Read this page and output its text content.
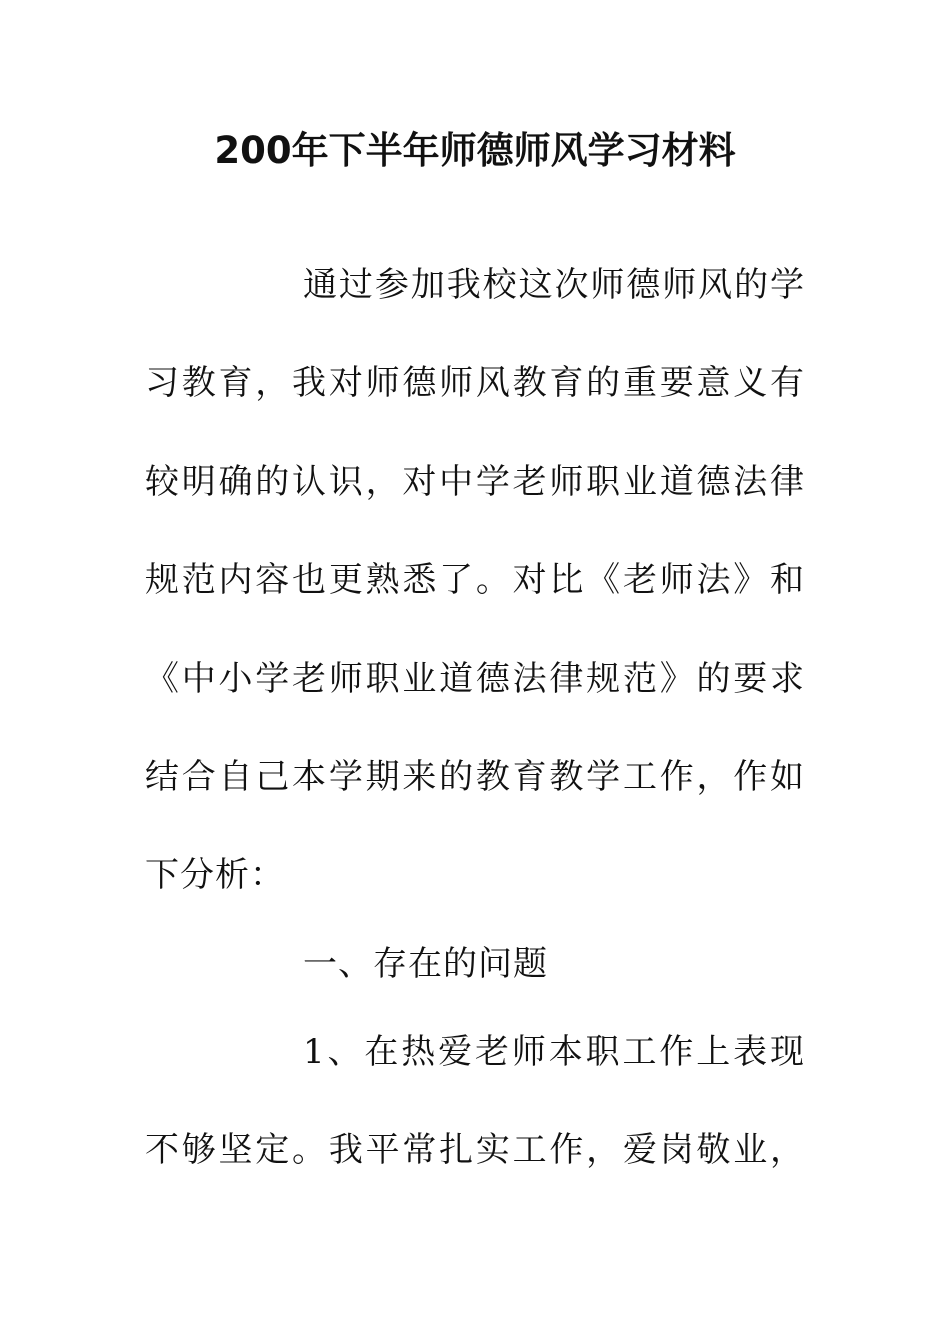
200年下半年师德师风学习材料
通过参加我校这次师德师风的学
习教育，我对师德师风教育的重要意义有
较明确的认识，对中学老师职业道德法律
规范内容也更熟悉了。对比《老师法》和
《中小学老师职业道德法律规范》的要求
结合自己本学期来的教育教学工作，作如
下分析：
一、存在的问题
1、在热爱老师本职工作上表现
不够坚定。我平常扎实工作，爱岗敬业，
